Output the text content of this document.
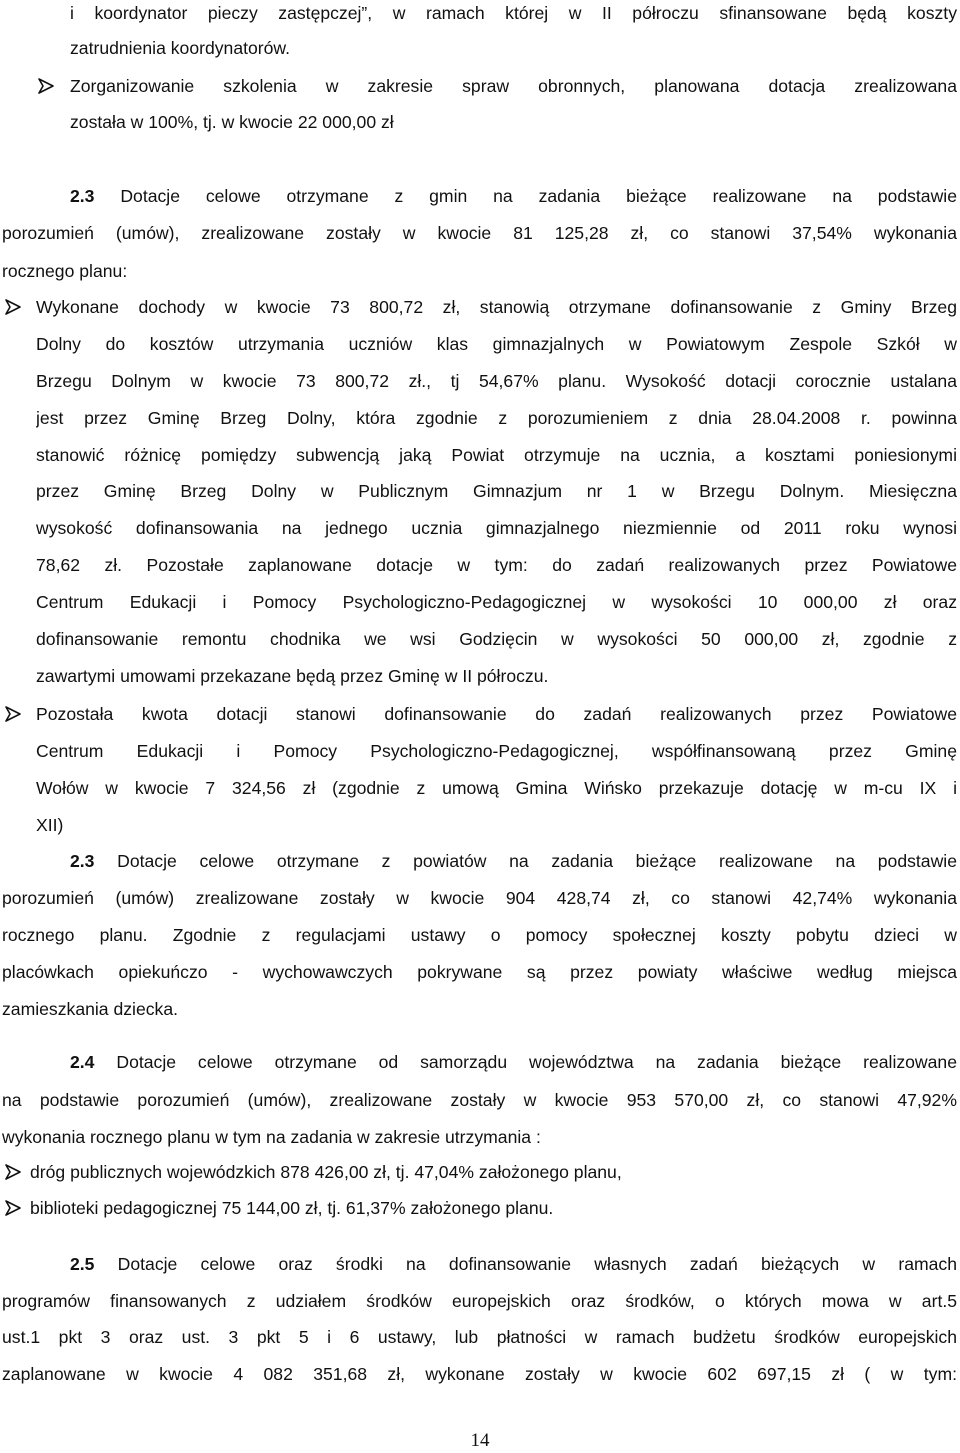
i koordynator pieczy zastępczej”, w ramach której w II półroczu sfinansowane będą koszty
zatrudnienia koordynatorów.
Zorganizowanie szkolenia w zakresie spraw obronnych, planowana dotacja zrealizowana
została w 100%, tj. w kwocie 22 000,00 zł
2.3 Dotacje celowe otrzymane z gmin na zadania bieżące realizowane na podstawie
porozumień (umów), zrealizowane zostały w kwocie 81 125,28 zł, co stanowi 37,54% wykonania
rocznego planu:
Wykonane dochody w kwocie 73 800,72 zł, stanowią otrzymane dofinansowanie z Gminy Brzeg
Dolny do kosztów utrzymania uczniów klas gimnazjalnych w Powiatowym Zespole Szkół w
Brzegu Dolnym w kwocie 73 800,72 zł., tj 54,67% planu. Wysokość dotacji corocznie ustalana
jest przez Gminę Brzeg Dolny, która zgodnie z porozumieniem z dnia 28.04.2008 r. powinna
stanowić różnicę pomiędzy subwencją jaką Powiat otrzymuje na ucznia, a kosztami poniesionymi
przez Gminę Brzeg Dolny w Publicznym Gimnazjum nr 1 w Brzegu Dolnym. Miesięczna
wysokość dofinansowania na jednego ucznia gimnazjalnego niezmiennie od 2011 roku wynosi
78,62 zł. Pozostałe zaplanowane dotacje w tym: do zadań realizowanych przez Powiatowe
Centrum Edukacji i Pomocy Psychologiczno-Pedagogicznej w wysokości 10 000,00 zł oraz
dofinansowanie remontu chodnika we wsi Godzięcin w wysokości 50 000,00 zł, zgodnie z
zawartymi umowami przekazane będą przez Gminę w II półroczu.
Pozostała kwota dotacji stanowi dofinansowanie do zadań realizowanych przez Powiatowe
Centrum Edukacji i Pomocy Psychologiczno-Pedagogicznej, współfinansowaną przez Gminę
Wołów w kwocie 7 324,56 zł (zgodnie z umową Gmina Wińsko przekazuje dotację w m-cu IX i
XII)
2.3 Dotacje celowe otrzymane z powiatów na zadania bieżące realizowane na podstawie
porozumień (umów) zrealizowane zostały w kwocie 904 428,74 zł, co stanowi 42,74% wykonania
rocznego planu. Zgodnie z regulacjami ustawy o pomocy społecznej koszty pobytu dzieci w
placówkach opiekuńczo - wychowawczych pokrywane są przez powiaty właściwe według miejsca
zamieszkania dziecka.
2.4 Dotacje celowe otrzymane od samorządu województwa na zadania bieżące realizowane
na podstawie porozumień (umów), zrealizowane zostały w kwocie 953 570,00 zł, co stanowi 47,92%
wykonania rocznego planu w tym na zadania w zakresie utrzymania :
dróg publicznych wojewódzkich 878 426,00 zł, tj. 47,04% założonego planu,
biblioteki pedagogicznej 75 144,00 zł, tj. 61,37% założonego planu.
2.5 Dotacje celowe oraz środki na dofinansowanie własnych zadań bieżących w ramach
programów finansowanych z udziałem środków europejskich oraz środków, o których mowa w art.5
ust.1 pkt 3 oraz ust. 3 pkt 5 i 6 ustawy, lub płatności w ramach budżetu środków europejskich
zaplanowane w kwocie 4 082 351,68 zł, wykonane zostały w kwocie 602 697,15 zł ( w tym:
14
